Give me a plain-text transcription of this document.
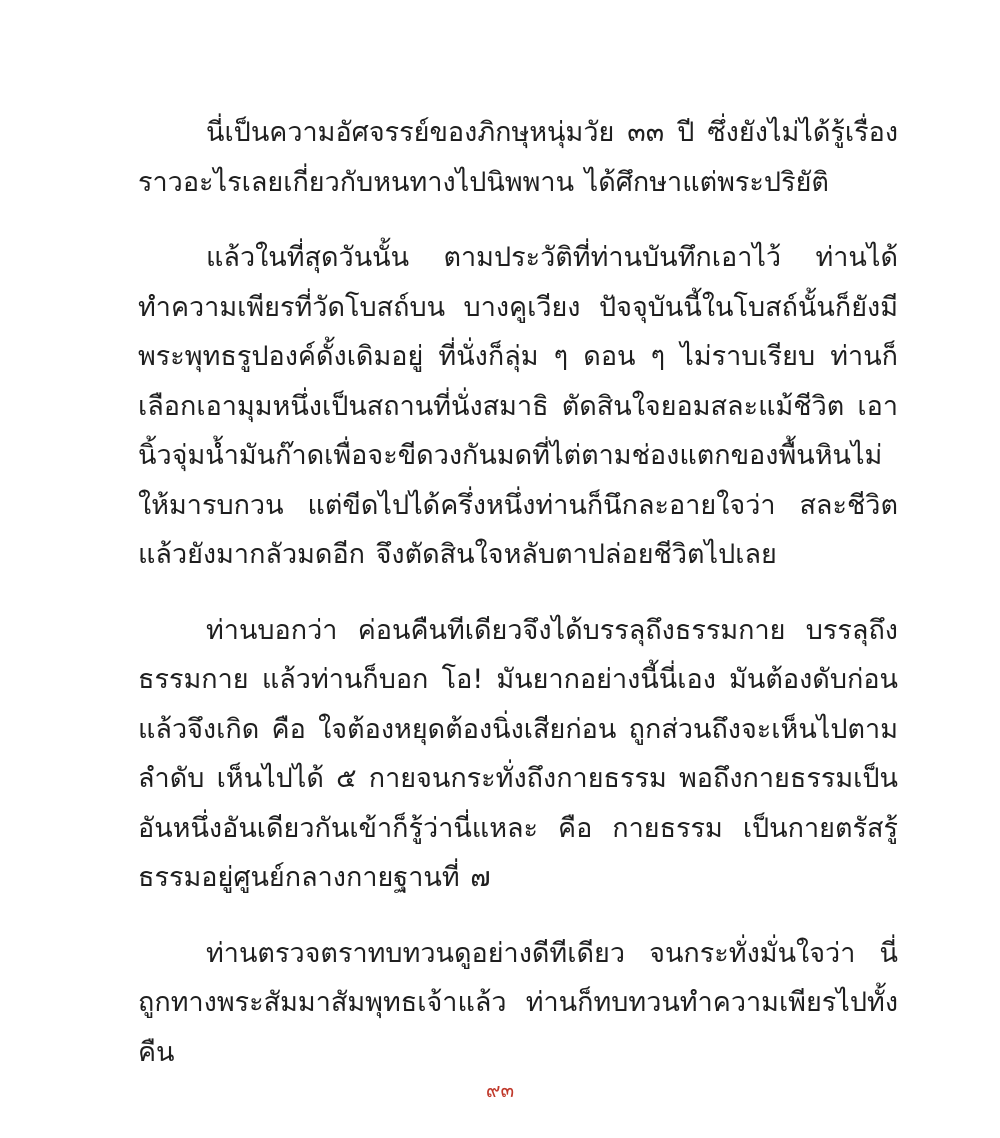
นี่เป็นความอัศจรรย์ของภิกษุหนุ่มวัย ๓๓ ปี ซึ่งยังไม่ได้รู้เรื่องราวอะไรเลยเกี่ยวกับหนทางไปนิพพาน ได้ศึกษาแต่พระปริยัติ

แล้วในที่สุดวันนั้น ตามประวัติที่ท่านบันทึกเอาไว้ ท่านได้ทำความเพียรที่วัดโบสถ์บน บางคูเวียง ปัจจุบันนี้ในโบสถ์นั้นก็ยังมีพระพุทธรูปองค์ดั้งเดิมอยู่ ที่นั่งก็ลุ่ม ๆ ดอน ๆ ไม่ราบเรียบ ท่านก็เลือกเอามุมหนึ่งเป็นสถานที่นั่งสมาธิ ตัดสินใจยอมสละแม้ชีวิต เอานิ้วจุ่มน้ำมันก๊าดเพื่อจะขีดวงกันมดที่ไต่ตามช่องแตกของพื้นหินไม่ให้มารบกวน แต่ขีดไปได้ครึ่งหนึ่งท่านก็นึกละอายใจว่า สละชีวิตแล้วยังมากลัวมดอีก จึงตัดสินใจหลับตาปล่อยชีวิตไปเลย

ท่านบอกว่า ค่อนคืนทีเดียวจึงได้บรรลุถึงธรรมกาย บรรลุถึงธรรมกาย แล้วท่านก็บอก โอ! มันยากอย่างนี้นี่เอง มันต้องดับก่อนแล้วจึงเกิด คือ ใจต้องหยุดต้องนิ่งเสียก่อน ถูกส่วนถึงจะเห็นไปตามลำดับ เห็นไปได้ ๕ กายจนกระทั่งถึงกายธรรม พอถึงกายธรรมเป็นอันหนึ่งอันเดียวกันเข้าก็รู้ว่านี่แหละ คือ กายธรรม เป็นกายตรัสรู้ธรรมอยู่ศูนย์กลางกายฐานที่ ๗

ท่านตรวจตราทบทวนดูอย่างดีทีเดียว จนกระทั่งมั่นใจว่า นี่ถูกทางพระสัมมาสัมพุทธเจ้าแล้ว ท่านก็ทบทวนทำความเพียรไปทั้งคืน

๙๓
